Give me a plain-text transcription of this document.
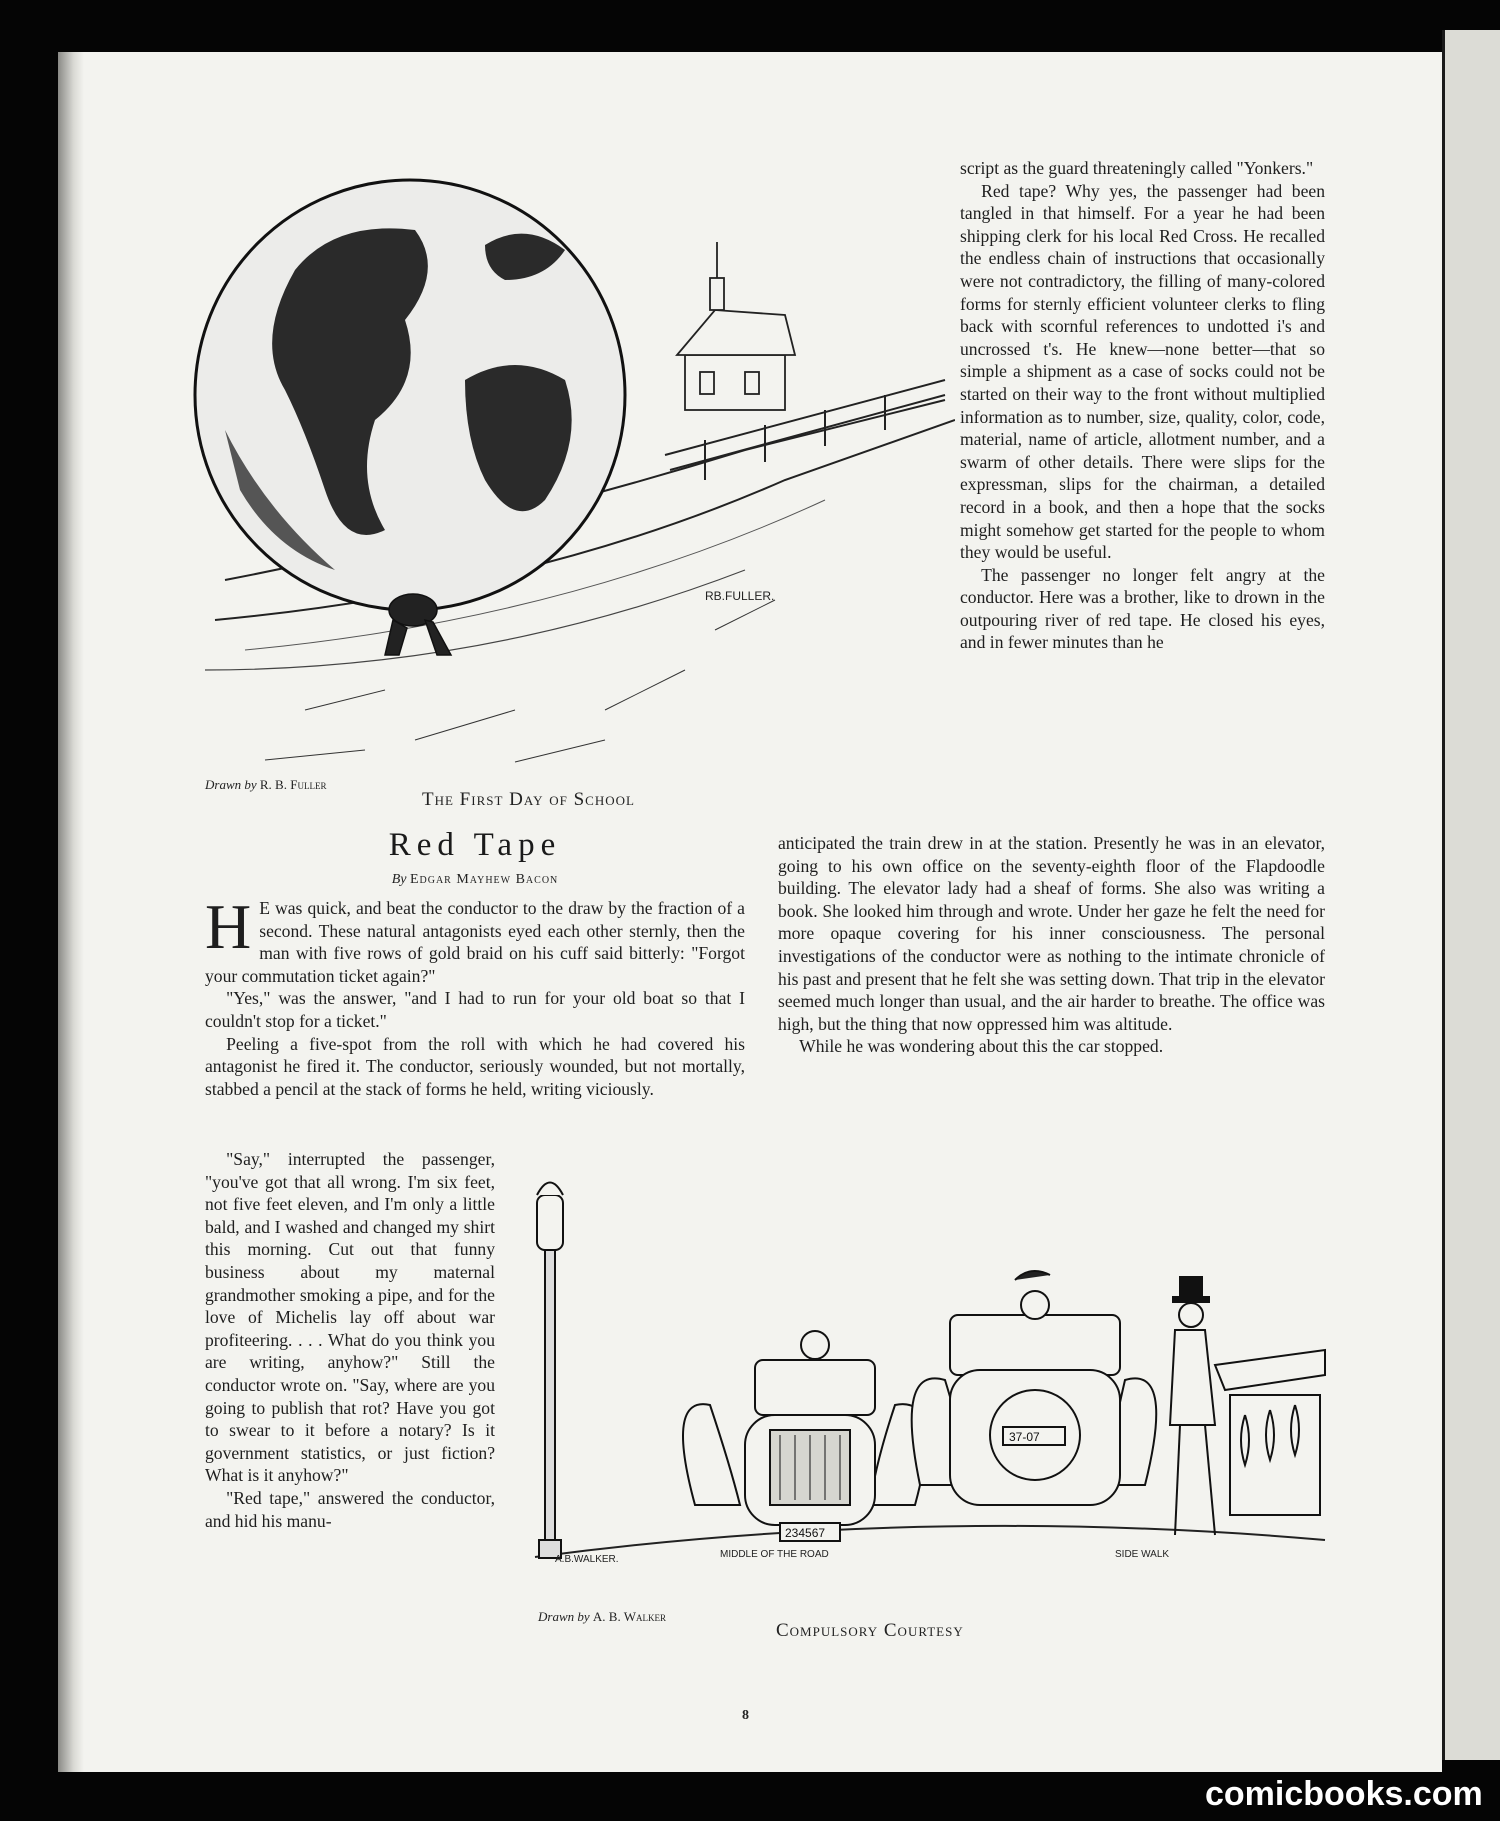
RB.FULLER.
Drawn by R. B. Fuller
The First Day of School
Red Tape
By Edgar Mayhew Bacon

H E was quick, and beat the conductor to the draw by the fraction of a second. These natural antagonists eyed each other sternly, then the man with five rows of gold braid on his cuff said bitterly: "Forgot your commutation ticket again?"

"Yes," was the answer, "and I had to run for your old boat so that I couldn't stop for a ticket."

Peeling a five-spot from the roll with which he had covered his antagonist he fired it. The conductor, seriously wounded, but not mortally, stabbed a pencil at the stack of forms he held, writing viciously.

"Say," interrupted the passenger, "you've got that all wrong. I'm six feet, not five feet eleven, and I'm only a little bald, and I washed and changed my shirt this morning. Cut out that funny business about my maternal grandmother smoking a pipe, and for the love of Michelis lay off about war profiteering. . . . What do you think you are writing, anyhow?" Still the conductor wrote on. "Say, where are you going to publish that rot? Have you got to swear to it before a notary? Is it government statistics, or just fiction? What is it anyhow?"

"Red tape," answered the conductor, and hid his manu-

script as the guard threateningly called "Yonkers."

Red tape? Why yes, the passenger had been tangled in that himself. For a year he had been shipping clerk for his local Red Cross. He recalled the endless chain of instructions that occasionally were not contradictory, the filling of many-colored forms for sternly efficient volunteer clerks to fling back with scornful references to undotted i's and uncrossed t's. He knew—none better—that so simple a shipment as a case of socks could not be started on their way to the front without multiplied information as to number, size, quality, color, code, material, name of article, allotment number, and a swarm of other details. There were slips for the expressman, slips for the chairman, a detailed record in a book, and then a hope that the socks might somehow get started for the people to whom they would be useful.

The passenger no longer felt angry at the conductor. Here was a brother, like to drown in the outpouring river of red tape. He closed his eyes, and in fewer minutes than he

anticipated the train drew in at the station. Presently he was in an elevator, going to his own office on the seventy-eighth floor of the Flapdoodle building. The elevator lady had a sheaf of forms. She also was writing a book. She looked him through and wrote. Under her gaze he felt the need for more opaque covering for his inner consciousness. The personal investigations of the conductor were as nothing to the intimate chronicle of his past and present that he felt she was setting down. That trip in the elevator seemed much longer than usual, and the air harder to breathe. The office was high, but the thing that now oppressed him was altitude.

While he was wondering about this the car stopped.

234567
37-07
A.B.WALKER.	MIDDLE OF THE ROAD	SIDE WALK
Drawn by A. B. Walker
Compulsory Courtesy
8
comicbooks.com
